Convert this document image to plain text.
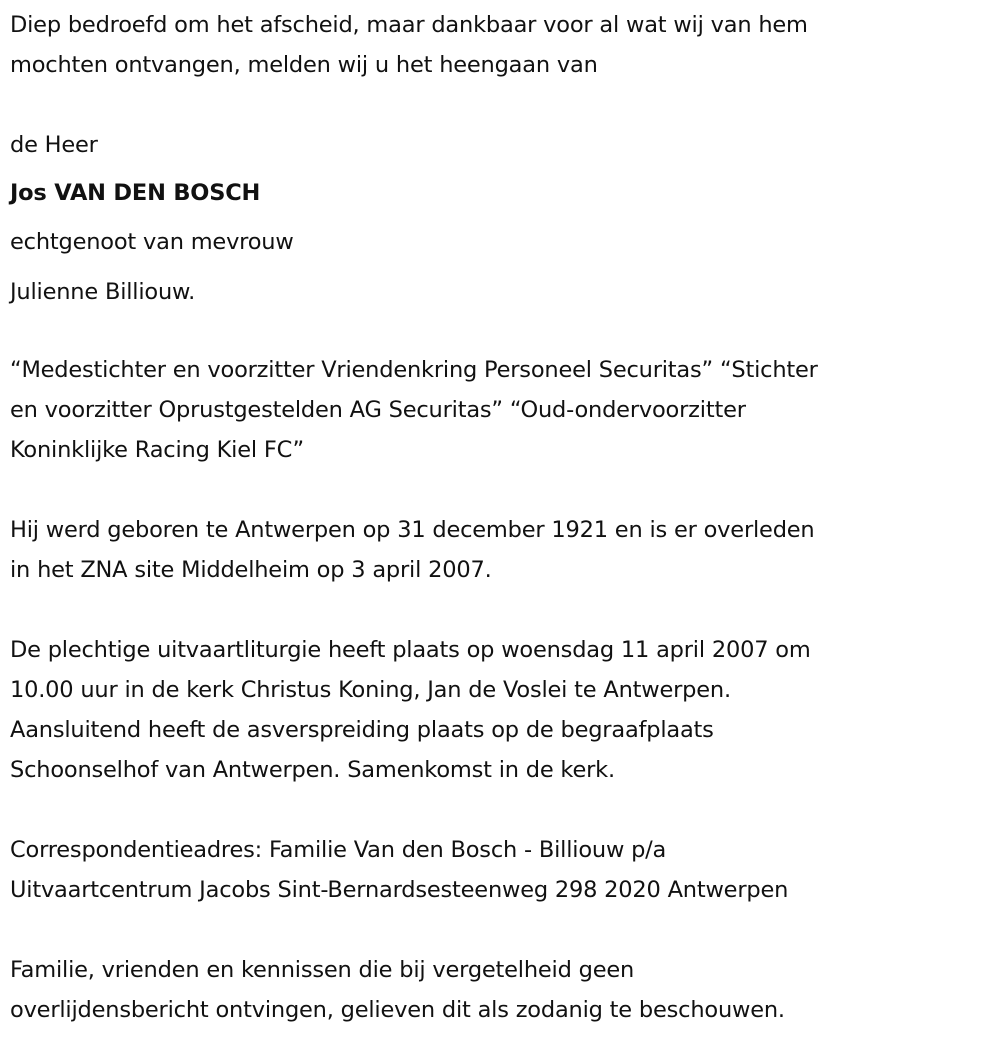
Diep bedroefd om het afscheid, maar dankbaar voor al wat wij van hem
mochten ontvangen, melden wij u het heengaan van
de Heer
Jos VAN DEN BOSCH
echtgenoot van mevrouw
Julienne Billiouw.
“Medestichter en voorzitter Vriendenkring Personeel Securitas” “Stichter
en voorzitter Oprustgestelden AG Securitas” “Oud-ondervoorzitter
Koninklijke Racing Kiel FC”
Hij werd geboren te Antwerpen op 31 december 1921 en is er overleden
in het ZNA site Middelheim op 3 april 2007.
De plechtige uitvaartliturgie heeft plaats op woensdag 11 april 2007 om
10.00 uur in de kerk Christus Koning, Jan de Voslei te Antwerpen.
Aansluitend heeft de asverspreiding plaats op de begraafplaats
Schoonselhof van Antwerpen. Samenkomst in de kerk.
Correspondentieadres: Familie Van den Bosch - Billiouw p/a
Uitvaartcentrum Jacobs Sint-Bernardsesteenweg 298 2020 Antwerpen
Familie, vrienden en kennissen die bij vergetelheid geen
overlijdensbericht ontvingen, gelieven dit als zodanig te beschouwen.
